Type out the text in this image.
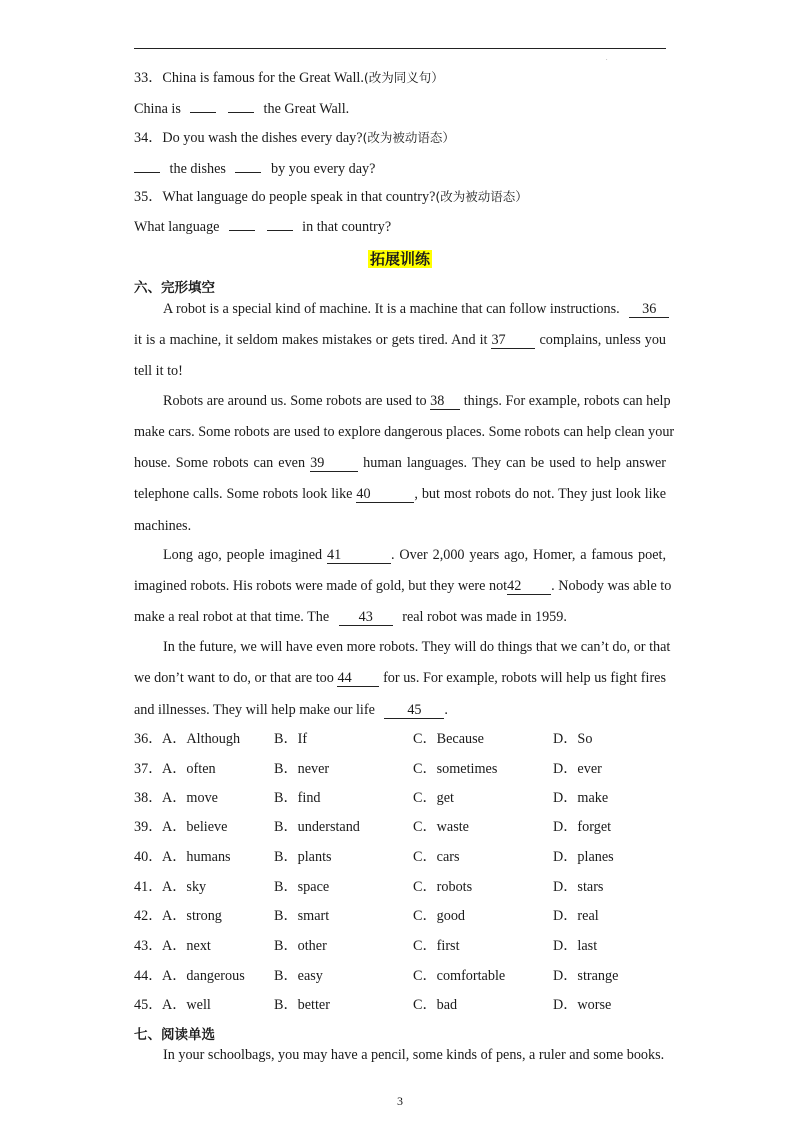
.
33．China is famous for the Great Wall.(改为同义句）
China is	the Great Wall.
34．Do you wash the dishes every day?(改为被动语态）
the dishes	by you every day?
35．What language do people speak in that country?(改为被动语态）
What language	in that country?
拓展训练
六、完形填空
A robot is a special kind of machine. It is a machine that can follow instructions. 36
it is a machine, it seldom makes mistakes or gets tired. And it 37 complains, unless you
tell it to!
Robots are around us. Some robots are used to 38 things. For example, robots can help
make cars. Some robots are used to explore dangerous places. Some robots can help clean your
house. Some robots can even 39	human languages. They can be used to help answer
telephone calls. Some robots look like 40	, but most robots do not. They just look like
machines.
Long ago, people imagined 41	. Over 2,000 years ago, Homer, a famous poet,
imagined robots. His robots were made of gold, but they were not42 . Nobody was able to
make a real robot at that time. The 43 real robot was made in 1959.
In the future, we will have even more robots. They will do things that we can’t do, or that
we don’t want to do, or that are too 44 for us. For example, robots will help us fight fires
and illnesses. They will help make our life 45 .
36． A．Although B．If	C．Because	D．So
37． A．often	B．never	C．sometimes	D．ever
38． A．move	B．find	C．get	D．make
39． A．believe	B．understand	C．waste	D．forget
40． A．humans	B．plants	C．cars	D．planes
41． A．sky	B．space	C．robots	D．stars
42． A．strong	B．smart	C．good	D．real
43． A．next	B．other	C．first	D．last
44． A．dangerous B．easy	C．comfortable	D．strange
45． A．well	B．better	C．bad	D．worse
七、阅读单选
In your schoolbags, you may have a pencil, some kinds of pens, a ruler and some books.
3
